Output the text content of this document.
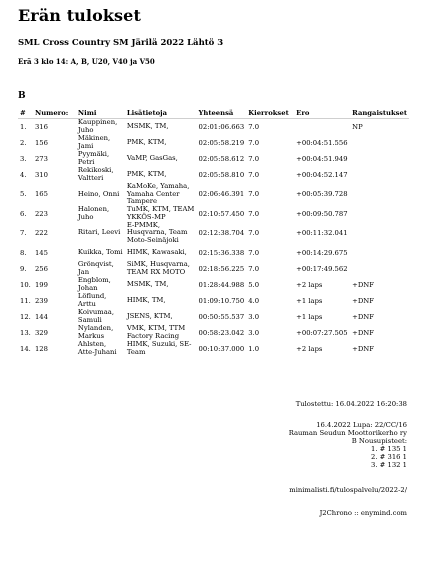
Erän tulokset
SML Cross Country SM Järilä 2022 Lähtö 3
Erä 3 klo 14: A, B, U20, V40 ja V50
B
#	Numero:	Nimi	Lisätietoja	Yhteensä	Kierrokset	Ero	Rangaistukset
1.	316	Kauppinen, Juho	MSMK, TM,	02:01:06.663	7.0		NP
2.	156	Mäkinen, Jami	PMK, KTM,	02:05:58.219	7.0	+00:04:51.556	
3.	273	Pyymäki, Petri	VaMP, GasGas,	02:05:58.612	7.0	+00:04:51.949	
4.	310	Rekikoski, Valtteri	PMK, KTM,	02:05:58.810	7.0	+00:04:52.147	
5.	165	Heino, Onni	KaMoKe, Yamaha, Yamaha Center Tampere	02:06:46.391	7.0	+00:05:39.728	
6.	223	Halonen, Juho	TuMK, KTM, TEAM YKKÖS-MP	02:10:57.450	7.0	+00:09:50.787	
7.	222	Ritari, Leevi	E-PMMK, Husqvarna, Team Moto-Seinäjoki	02:12:38.704	7.0	+00:11:32.041	
8.	145	Kuikka, Tomi	HIMK, Kawasaki,	02:15:36.338	7.0	+00:14:29.675	
9.	256	Grönqvist, Jan	SiMK, Husqvarna, TEAM RX MOTO	02:18:56.225	7.0	+00:17:49.562	
10.	199	Engblom, Johan	MSMK, TM,	01:28:44.988	5.0	+2 laps	+DNF
11.	239	Löflund, Arttu	HIMK, TM,	01:09:10.750	4.0	+1 laps	+DNF
12.	144	Koivumaa, Samuli	JSENS, KTM,	00:50:55.537	3.0	+1 laps	+DNF
13.	329	Nylanden, Markus	VMK, KTM, TTM Factory Racing	00:58:23.042	3.0	+00:07:27.505	+DNF
14.	128	Ahlsten, Atte-Juhani	HIMK, Suzuki, SE-Team	00:10:37.000	1.0	+2 laps	+DNF
Tulostettu: 16.04.2022 16:20:38
16.4.2022 Lupa: 22/CC/16
Rauman Seudun Moottorikerho ry
B Nousupisteet:
1. # 135 1
2. # 316 1
3. # 132 1
minimalisti.fi/tulospalvelu/2022-2/
J2Chrono :: enymind.com
